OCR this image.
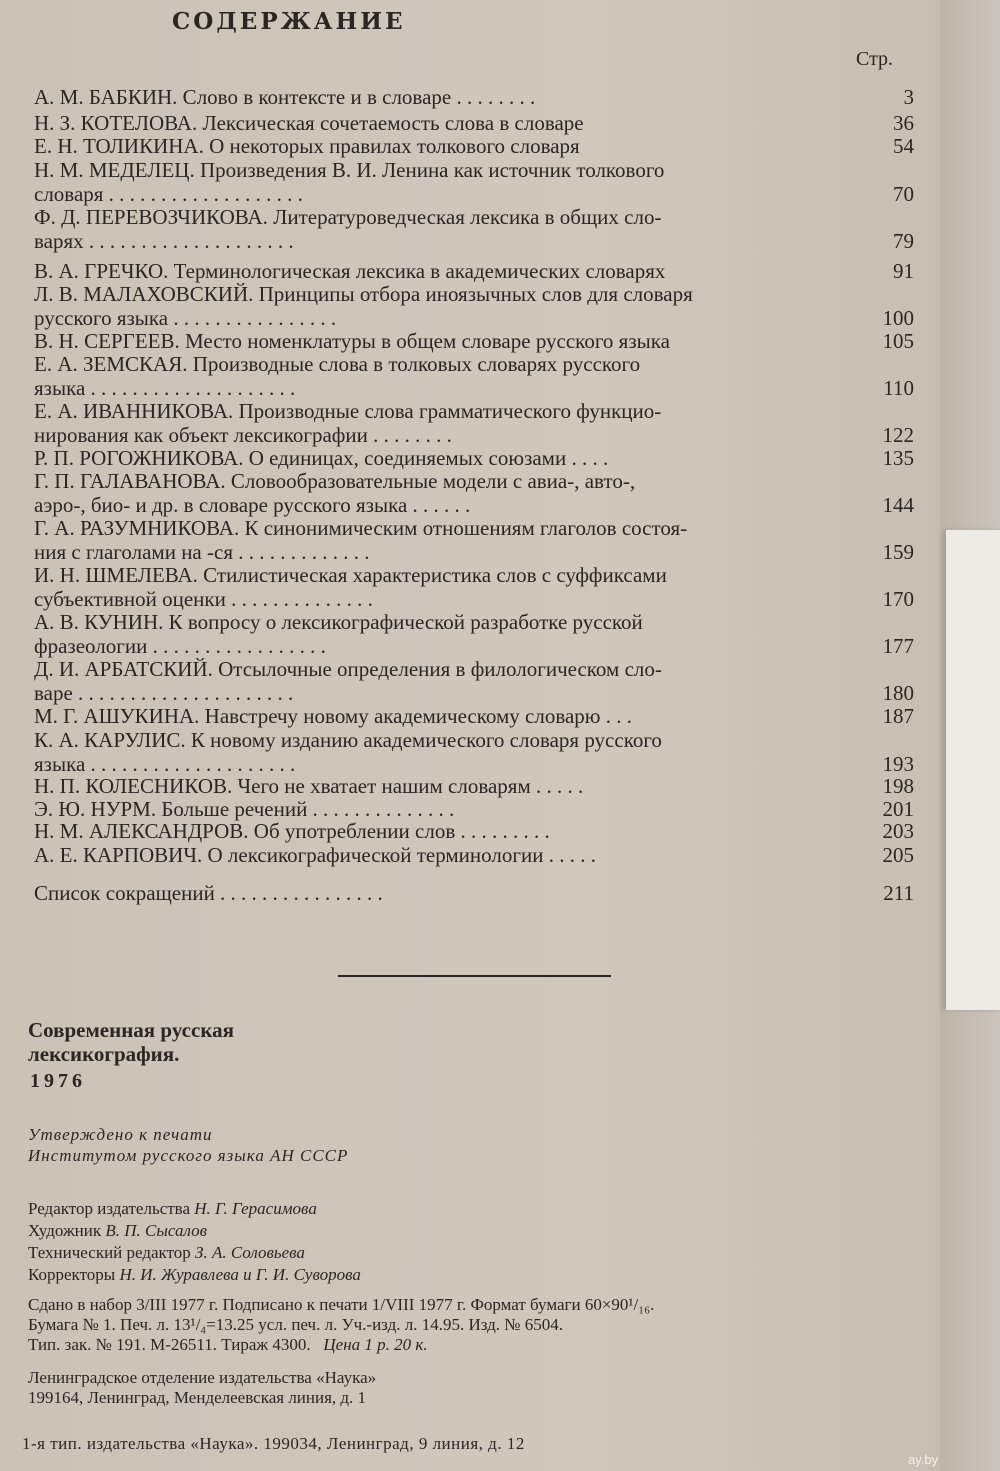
СОДЕРЖАНИЕ
Стр.
А. М. БАБКИН. Слово в контексте и в словаре . . . . . . . .	3
Н. З. КОТЕЛОВА. Лексическая сочетаемость слова в словаре	36
Е. Н. ТОЛИКИНА. О некоторых правилах толкового словаря	54
Н. М. МЕДЕЛЕЦ. Произведения В. И. Ленина как источник толкового
словаря . . . . . . . . . . . . . . . . . . .	70
Ф. Д. ПЕРЕВОЗЧИКОВА. Литературоведческая лексика в общих сло-
варях . . . . . . . . . . . . . . . . . . . .	79
В. А. ГРЕЧКО. Терминологическая лексика в академических словарях	91
Л. В. МАЛАХОВСКИЙ. Принципы отбора иноязычных слов для словаря
русского языка . . . . . . . . . . . . . . . .	100
В. Н. СЕРГЕЕВ. Место номенклатуры в общем словаре русского языка	105
Е. А. ЗЕМСКАЯ. Производные слова в толковых словарях русского
языка . . . . . . . . . . . . . . . . . . . .	110
Е. А. ИВАННИКОВА. Производные слова грамматического функцио-
нирования как объект лексикографии . . . . . . . .	122
Р. П. РОГОЖНИКОВА. О единицах, соединяемых союзами . . . .	135
Г. П. ГАЛАВАНОВА. Словообразовательные модели с авиа-, авто-,
аэро-, био- и др. в словаре русского языка . . . . . .	144
Г. А. РАЗУМНИКОВА. К синонимическим отношениям глаголов состоя-
ния с глаголами на -ся . . . . . . . . . . . . .	159
И. Н. ШМЕЛЕВА. Стилистическая характеристика слов с суффиксами
субъективной оценки . . . . . . . . . . . . . .	170
А. В. КУНИН. К вопросу о лексикографической разработке русской
фразеологии . . . . . . . . . . . . . . . . .	177
Д. И. АРБАТСКИЙ. Отсылочные определения в филологическом сло-
варе . . . . . . . . . . . . . . . . . . . . .	180
М. Г. АШУКИНА. Навстречу новому академическому словарю . . .	187
К. А. КАРУЛИС. К новому изданию академического словаря русского
языка . . . . . . . . . . . . . . . . . . . .	193
Н. П. КОЛЕСНИКОВ. Чего не хватает нашим словарям . . . . .	198
Э. Ю. НУРМ. Больше речений . . . . . . . . . . . . . .	201
Н. М. АЛЕКСАНДРОВ. Об употреблении слов . . . . . . . . .	203
А. Е. КАРПОВИЧ. О лексикографической терминологии . . . . .	205
Список сокращений . . . . . . . . . . . . . . . .	211
Современная русская
лексикография.
1976
Утверждено к печати
Институтом русского языка АН СССР
Редактор издательства Н. Г. Герасимова
Художник В. П. Сысалов
Технический редактор З. А. Соловьева
Корректоры Н. И. Журавлева и Г. И. Суворова
Сдано в набор 3/III 1977 г. Подписано к печати 1/VIII 1977 г. Формат бумаги 60×90¹/₁₆.
Бумага № 1. Печ. л. 13¹/₄=13.25 усл. печ. л. Уч.-изд. л. 14.95. Изд. № 6504.
Тип. зак. № 191. М-26511. Тираж 4300. Цена 1 р. 20 к.
Ленинградское отделение издательства «Наука»
199164, Ленинград, Менделеевская линия, д. 1
1-я тип. издательства «Наука». 199034, Ленинград, 9 линия, д. 12
ay.by
